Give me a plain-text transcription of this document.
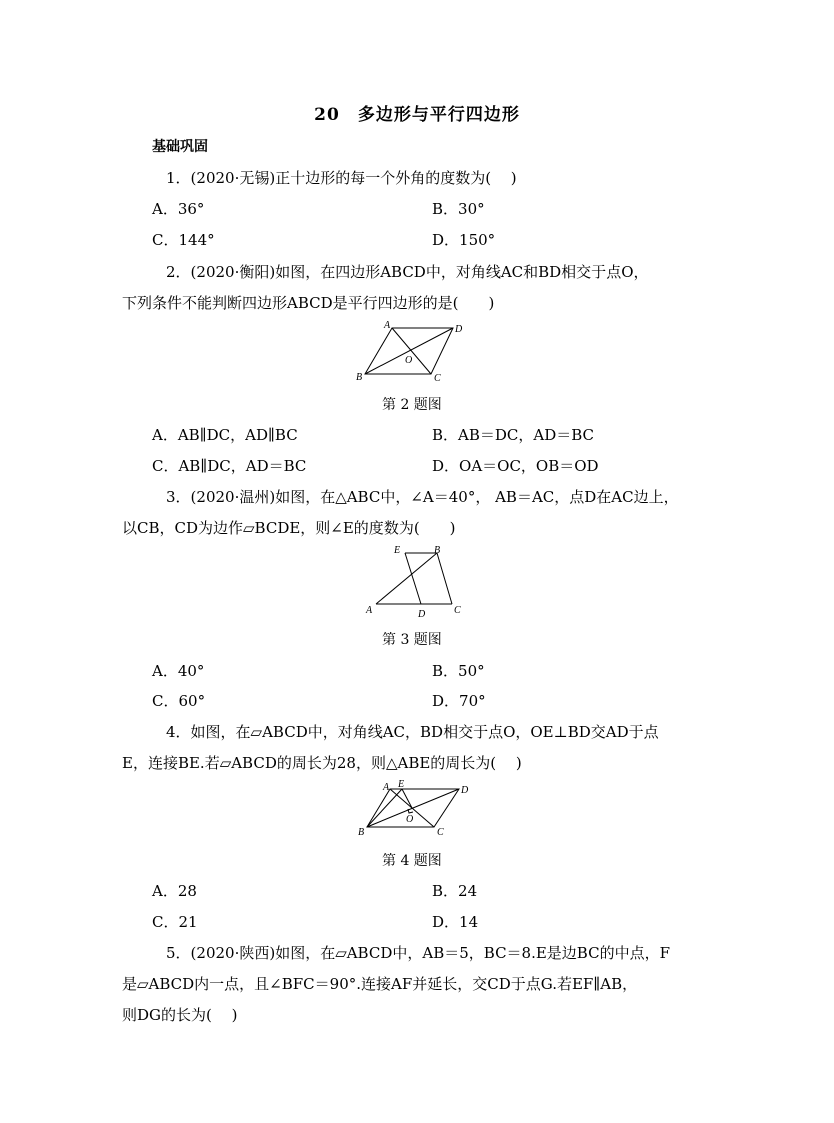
20　多边形与平行四边形
基础巩固
1．(2020·无锡)正十边形的每一个外角的度数为(　 )
A．36°	B．30°
C．144°	D．150°
2．(2020·衡阳)如图，在四边形ABCD中，对角线AC和BD相交于点O，
下列条件不能判断四边形ABCD是平行四边形的是(　　)
A	D
O
B	C
第 2 题图
A．AB∥DC，AD∥BC	B．AB＝DC，AD＝BC
C．AB∥DC，AD＝BC	D．OA＝OC，OB＝OD
3．(2020·温州)如图，在△ABC中，∠A＝40°， AB＝AC，点D在AC边上，
以CB，CD为边作▱BCDE，则∠E的度数为(　　)
E	B
A	D	C
第 3 题图
A．40°	B．50°
C．60°	D．70°
4．如图，在▱ABCD中，对角线AC，BD相交于点O，OE⊥BD交AD于点
E，连接BE.若▱ABCD的周长为28，则△ABE的周长为(　 )
A E
D
O
B	C
第 4 题图
A．28	B．24
C．21	D．14
5．(2020·陕西)如图，在▱ABCD中，AB＝5，BC＝8.E是边BC的中点，F
是▱ABCD内一点，且∠BFC＝90°.连接AF并延长，交CD于点G.若EF∥AB，
则DG的长为(　 )
